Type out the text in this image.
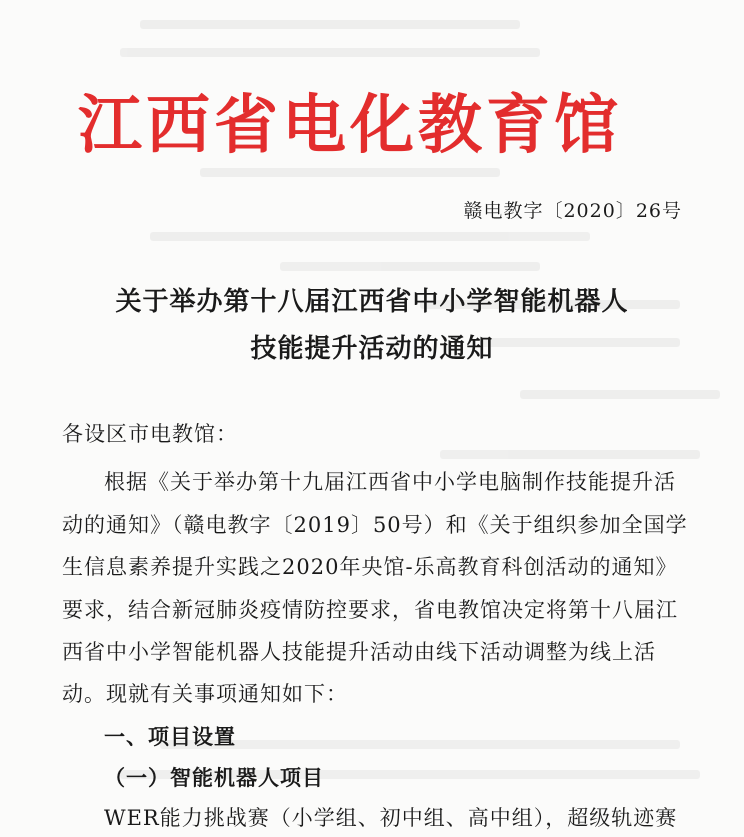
江西省电化教育馆
赣电教字〔2020〕26号
关于举办第十八届江西省中小学智能机器人
技能提升活动的通知
各设区市电教馆：
根据《关于举办第十九届江西省中小学电脑制作技能提升活
动的通知》（赣电教字〔2019〕50号）和《关于组织参加全国学
生信息素养提升实践之2020年央馆-乐高教育科创活动的通知》
要求，结合新冠肺炎疫情防控要求，省电教馆决定将第十八届江
西省中小学智能机器人技能提升活动由线下活动调整为线上活
动。现就有关事项通知如下：
一、项目设置
（一）智能机器人项目
WER能力挑战赛（小学组、初中组、高中组），超级轨迹赛
